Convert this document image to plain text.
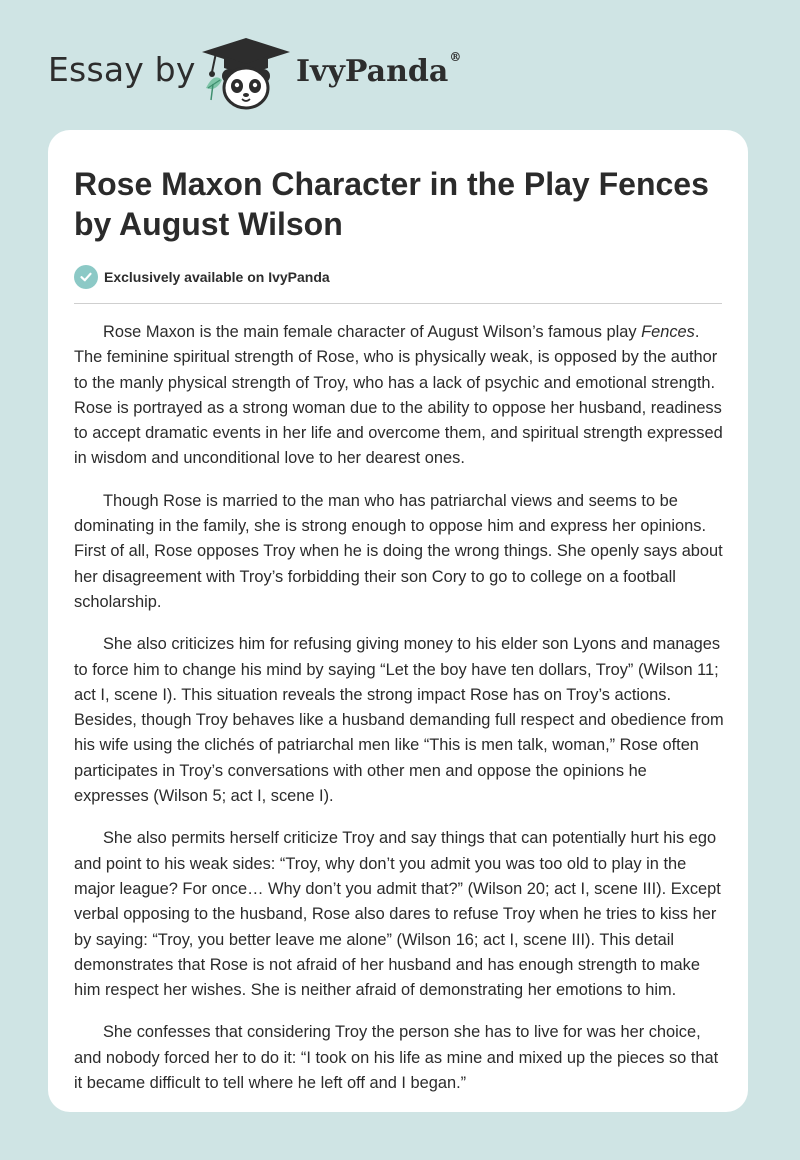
Essay by	IvyPanda®
Rose Maxon Character in the Play Fences by August Wilson
Exclusively available on IvyPanda

Rose Maxon is the main female character of August Wilson’s famous play Fences. The feminine spiritual strength of Rose, who is physically weak, is opposed by the author to the manly physical strength of Troy, who has a lack of psychic and emotional strength. Rose is portrayed as a strong woman due to the ability to oppose her husband, readiness to accept dramatic events in her life and overcome them, and spiritual strength expressed in wisdom and unconditional love to her dearest ones.

Though Rose is married to the man who has patriarchal views and seems to be dominating in the family, she is strong enough to oppose him and express her opinions. First of all, Rose opposes Troy when he is doing the wrong things. She openly says about her disagreement with Troy’s forbidding their son Cory to go to college on a football scholarship.

She also criticizes him for refusing giving money to his elder son Lyons and manages to force him to change his mind by saying “Let the boy have ten dollars, Troy” (Wilson 11; act I, scene I). This situation reveals the strong impact Rose has on Troy’s actions. Besides, though Troy behaves like a husband demanding full respect and obedience from his wife using the clichés of patriarchal men like “This is men talk, woman,” Rose often participates in Troy’s conversations with other men and oppose the opinions he expresses (Wilson 5; act I, scene I).

She also permits herself criticize Troy and say things that can potentially hurt his ego and point to his weak sides: “Troy, why don’t you admit you was too old to play in the major league? For once… Why don’t you admit that?” (Wilson 20; act I, scene III). Except verbal opposing to the husband, Rose also dares to refuse Troy when he tries to kiss her by saying: “Troy, you better leave me alone” (Wilson 16; act I, scene III). This detail demonstrates that Rose is not afraid of her husband and has enough strength to make him respect her wishes. She is neither afraid of demonstrating her emotions to him.

She confesses that considering Troy the person she has to live for was her choice, and nobody forced her to do it: “I took on his life as mine and mixed up the pieces so that it became difficult to tell where he left off and I began.”
